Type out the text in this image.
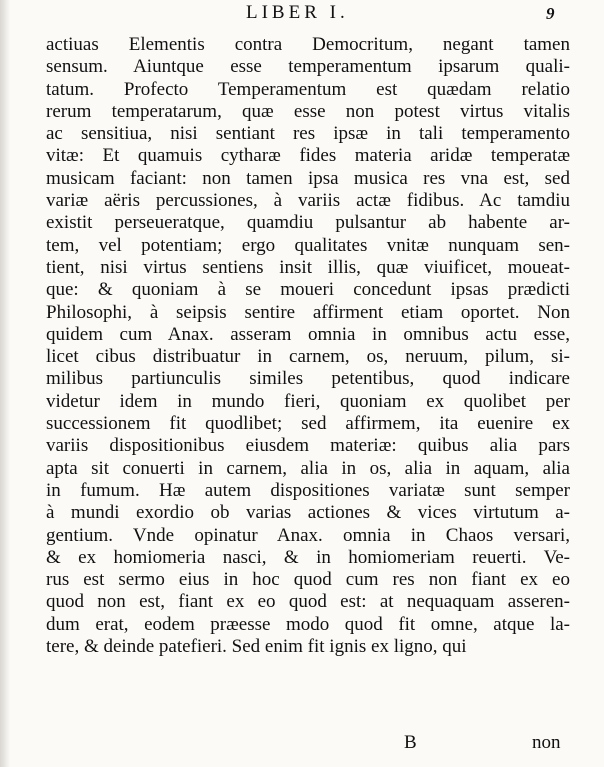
LIBER I.	9
actiuas Elementis contra Democritum, negant tamen
sensum. Aiuntque esse temperamentum ipsarum quali-
tatum. Profecto Temperamentum est quædam relatio
rerum temperatarum, quæ esse non potest virtus vitalis
ac sensitiua, nisi sentiant res ipsæ in tali temperamento
vitæ: Et quamuis cytharæ fides materia aridæ temperatæ
musicam faciant: non tamen ipsa musica res vna est, sed
variæ aëris percussiones, à variis actæ fidibus. Ac tamdiu
existit perseueratque, quamdiu pulsantur ab habente ar-
tem, vel potentiam; ergo qualitates vnitæ nunquam sen-
tient, nisi virtus sentiens insit illis, quæ viuificet, moueat-
que: & quoniam à se moueri concedunt ipsas prædicti
Philosophi, à seipsis sentire affirment etiam oportet. Non
quidem cum Anax. asseram omnia in omnibus actu esse,
licet cibus distribuatur in carnem, os, neruum, pilum, si-
milibus partiunculis similes petentibus, quod indicare
videtur idem in mundo fieri, quoniam ex quolibet per
successionem fit quodlibet; sed affirmem, ita euenire ex
variis dispositionibus eiusdem materiæ: quibus alia pars
apta sit conuerti in carnem, alia in os, alia in aquam, alia
in fumum. Hæ autem dispositiones variatæ sunt semper
à mundi exordio ob varias actiones & vices virtutum a-
gentium. Vnde opinatur Anax. omnia in Chaos versari,
& ex homiomeria nasci, & in homiomeriam reuerti. Ve-
rus est sermo eius in hoc quod cum res non fiant ex eo
quod non est, fiant ex eo quod est: at nequaquam asseren-
dum erat, eodem præesse modo quod fit omne, atque la-
tere, & deinde patefieri. Sed enim fit ignis ex ligno, qui
B	non
